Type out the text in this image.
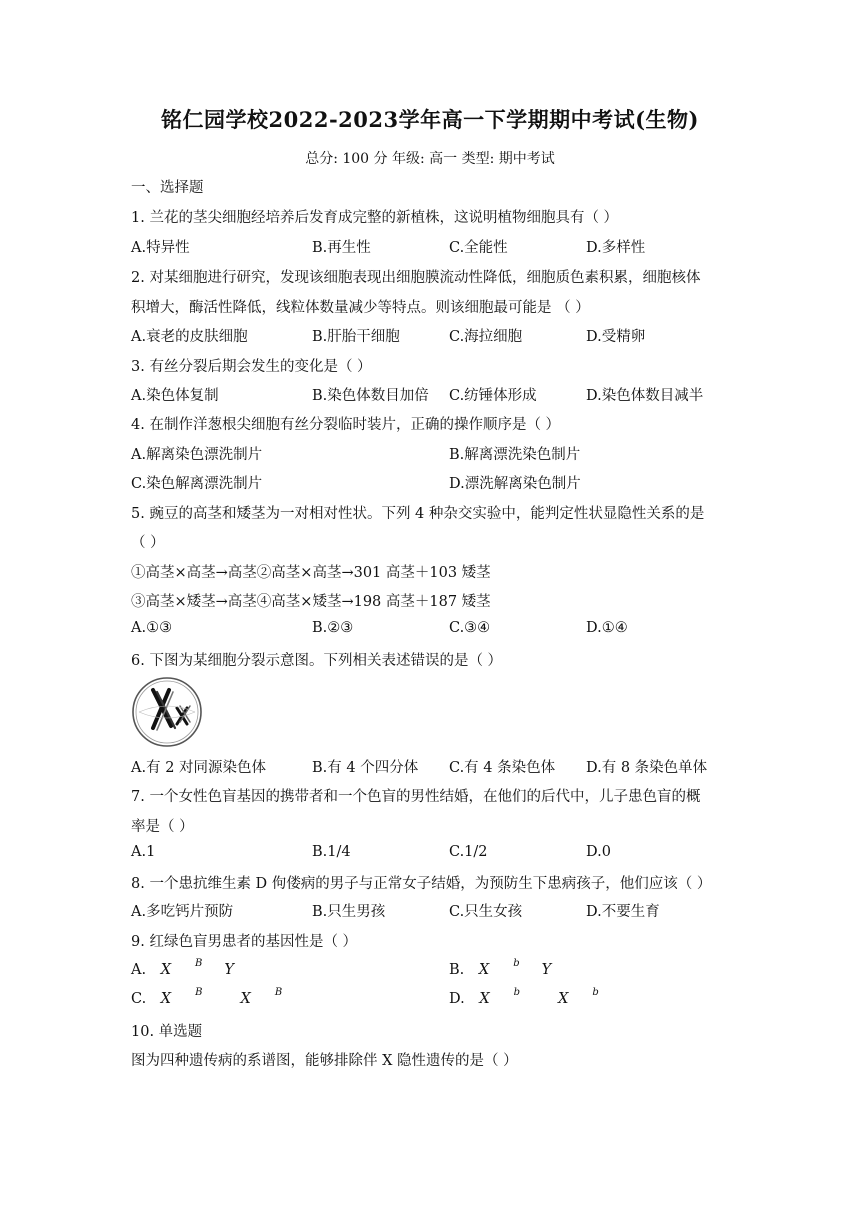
铭仁园学校2022-2023学年高一下学期期中考试(生物)
总分: 100 分 年级: 高一 类型: 期中考试
一、选择题
1. 兰花的茎尖细胞经培养后发育成完整的新植株，这说明植物细胞具有（ ）
A.特异性	B.再生性	C.全能性	D.多样性
2. 对某细胞进行研究，发现该细胞表现出细胞膜流动性降低，细胞质色素积累，细胞核体
积增大，酶活性降低，线粒体数量减少等特点。则该细胞最可能是 （ ）
A.衰老的皮肤细胞	B.肝胎干细胞	C.海拉细胞	D.受精卵
3. 有丝分裂后期会发生的变化是（ ）
A.染色体复制	B.染色体数目加倍 C.纺锤体形成	D.染色体数目减半
4. 在制作洋葱根尖细胞有丝分裂临时装片，正确的操作顺序是（ ）
A.解离染色漂洗制片	B.解离漂洗染色制片
C.染色解离漂洗制片	D.漂洗解离染色制片
5. 豌豆的高茎和矮茎为一对相对性状。下列 4 种杂交实验中，能判定性状显隐性关系的是
（ ）
①高茎×高茎→高茎②高茎×高茎→301 高茎＋103 矮茎
③高茎×矮茎→高茎④高茎×矮茎→198 高茎＋187 矮茎
A.①③	B.②③	C.③④	D.①④
6. 下图为某细胞分裂示意图。下列相关表述错误的是（ ）
A.有 2 对同源染色体	B.有 4 个四分体 C.有 4 条染色体 D.有 8 条染色单体
7. 一个女性色盲基因的携带者和一个色盲的男性结婚，在他们的后代中，儿子患色盲的概
率是（ ）
A.1	B.1/4	C.1/2	D.0
8. 一个患抗维生素 D 佝偻病的男子与正常女子结婚，为预防生下患病孩子，他们应该（ ）
A.多吃钙片预防	B.只生男孩	C.只生女孩	D.不要生育
9. 红绿色盲男患者的基因性是（ ）
A. X $^B$ Y	B. X $^b$ Y
C. X $^B$	X $^B$	D. X $^b$	X $^b$
10. 单选题
图为四种遗传病的系谱图，能够排除伴 X 隐性遗传的是（ ）
